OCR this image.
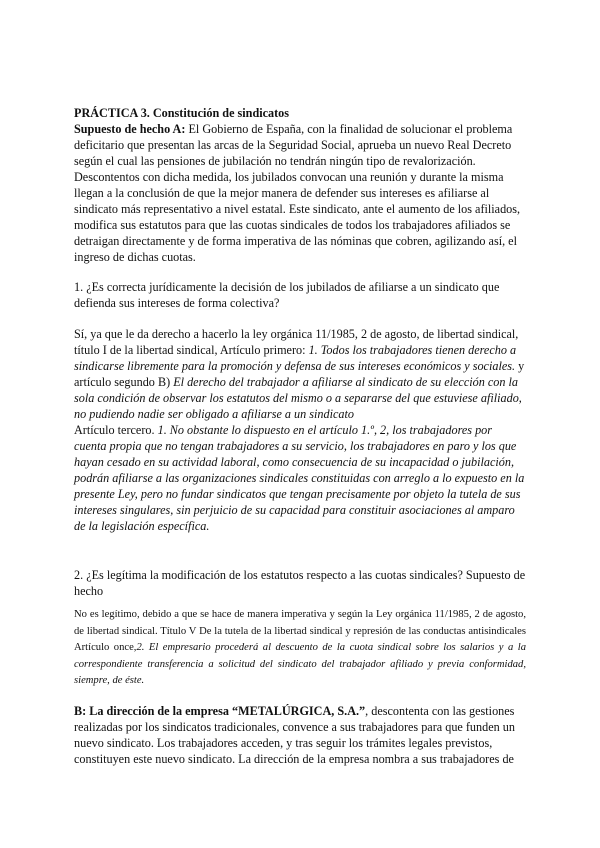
PRÁCTICA 3. Constitución de sindicatos

Supuesto de hecho A: El Gobierno de España, con la finalidad de solucionar el problema deficitario que presentan las arcas de la Seguridad Social, aprueba un nuevo Real Decreto según el cual las pensiones de jubilación no tendrán ningún tipo de revalorización. Descontentos con dicha medida, los jubilados convocan una reunión y durante la misma llegan a la conclusión de que la mejor manera de defender sus intereses es afiliarse al sindicato más representativo a nivel estatal. Este sindicato, ante el aumento de los afiliados, modifica sus estatutos para que las cuotas sindicales de todos los trabajadores afiliados se detraigan directamente y de forma imperativa de las nóminas que cobren, agilizando así, el ingreso de dichas cuotas.

1. ¿Es correcta jurídicamente la decisión de los jubilados de afiliarse a un sindicato que defienda sus intereses de forma colectiva?

Sí, ya que le da derecho a hacerlo la ley orgánica 11/1985, 2 de agosto, de libertad sindical, título I de la libertad sindical, Artículo primero: 1. Todos los trabajadores tienen derecho a sindicarse libremente para la promoción y defensa de sus intereses económicos y sociales. y artículo segundo B) El derecho del trabajador a afiliarse al sindicato de su elección con la sola condición de observar los estatutos del mismo o a separarse del que estuviese afiliado, no pudiendo nadie ser obligado a afiliarse a un sindicato

Artículo tercero. 1. No obstante lo dispuesto en el artículo 1.º, 2, los trabajadores por cuenta propia que no tengan trabajadores a su servicio, los trabajadores en paro y los que hayan cesado en su actividad laboral, como consecuencia de su incapacidad o jubilación, podrán afiliarse a las organizaciones sindicales constituidas con arreglo a lo expuesto en la presente Ley, pero no fundar sindicatos que tengan precisamente por objeto la tutela de sus intereses singulares, sin perjuicio de su capacidad para constituir asociaciones al amparo de la legislación específica.

2. ¿Es legítima la modificación de los estatutos respecto a las cuotas sindicales? Supuesto de hecho

No es legítimo, debido a que se hace de manera imperativa y según la Ley orgánica 11/1985, 2 de agosto, de libertad sindical. Título V De la tutela de la libertad sindical y represión de las conductas antisindicales Artículo once,2. El empresario procederá al descuento de la cuota sindical sobre los salarios y a la correspondiente transferencia a solicitud del sindicato del trabajador afiliado y previa conformidad, siempre, de éste.

B: La dirección de la empresa “METALÚRGICA, S.A.”, descontenta con las gestiones realizadas por los sindicatos tradicionales, convence a sus trabajadores para que funden un nuevo sindicato. Los trabajadores acceden, y tras seguir los trámites legales previstos, constituyen este nuevo sindicato. La dirección de la empresa nombra a sus trabajadores de
